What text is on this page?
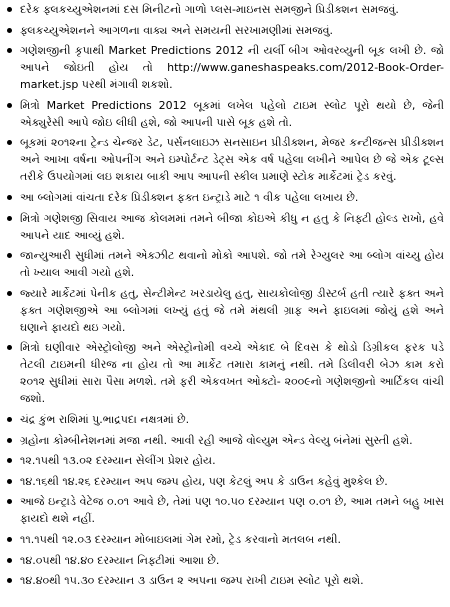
દરેક ફ્લકચ્યુએશનમાં દસ મિનીટનો ગાળો પ્લસ-માઇનસ સમજીને પ્રિડીક્શન સમજવું.
ફ્લકચ્યુએશનને આગળના વાક્ય અને સમયની સરખામણીમાં સમજવું.
ગણેશજીની કૃપાથી Market Predictions 2012 ની યર્લી બીગ ઓવરવ્યુની બૂક લખી છે. જો આપને જોઇતી હોય તો http://www.ganeshaspeaks.com/2012-Book-Order-market.jsp પરથી મંગાવી શકશો.
મિત્રો Market Predictions 2012 બૂકમાં લખેલ પહેલો ટાઇમ સ્લોટ પૂરો થયો છે, જેની એક્યુરેસી આપે જોઇ લીધી હશે, જો આપની પાસે બૂક હશે તો.
બૂકમાં ૨૦૧૨ના ટ્રેન્ડ ચેન્જર ડેટ, પર્સનલાઇઝ સનસાઇન પ્રીડીક્શન, મેજર કન્ટીજન્સ પ્રીડીક્શન અને આખા વર્ષના ઓપનીંગ અને ઇમ્પોર્ટન્ટ ડેટ્સ એક વર્ષ પહેલા લખીને આપેલ છે જે એક ટૂલ્સ તરીકે ઉપયોગમાં લઇ શકાય બાકી આપ આપની સ્કીલ પ્રમાણે સ્ટોક માર્કેટમાં ટ્રેડ કરવું.
આ બ્લોગમાં વાંચતા દરેક પ્રિડીક્શન ફક્ત ઇન્ટ્રાડે માટે ૧ વીક પહેલા લખાય છે.
મિત્રો ગણેશજી સિવાય આજ કોલમમાં તમને બીજા કોઇએ કીધુ ન હતુ કે નિફ્ટી હોલ્ડ રાખો, હવે આપને યાદ આવ્યું હશે.
જાન્યુઆરી સુધીમાં તમને એક્ઝીટ થવાનો મોકો આપશે. જો તમે રેગ્યુલર આ બ્લોગ વાંચ્યુ હોય તો ખ્યાલ આવી ગયો હશે.
જ્યારે માર્કેટમાં પેનીક હતુ, સેન્ટીમેન્ટ ખરડાયેલુ હતુ, સાયકોલોજી ડીસ્ટર્બ હતી ત્યારે ફક્ત અને ફક્ત ગણેશજીએ આ બ્લોગમાં લખ્યું હતું જે તમે મંથલી ગ્રાફ અને ફાઇલમાં જોયું હશે અને ઘણાને ફાયદો થઇ ગયો.
મિત્રો ઘણીવાર એસ્ટ્રોલોજી અને એસ્ટ્રોનોમી વચ્ચે એકાદ બે દિવસ કે થોડો ડિગ્રીકલ ફરક પડે તેટલી ટાઇમની ધીરજ ના હોય તો આ માર્કેટ તમારા કામનું નથી. તમે ડિલીવરી બેઝ કામ કરો ૨૦૧૨ સુધીમાં સારા પૈસા મળશે. તમે ફરી એકવખત ઓક્ટો- ૨૦૦૯નો ગણેશજીનો આર્ટિકલ વાંચી જશો.
ચંદ્ર કુંભ રાશિમાં પુ.ભાદ્રપદા નક્ષત્રમાં છે.
ગ્રહોના કોમ્બીનેશનમાં મજા નથી. આવી રહી આજે વોલ્યુમ એન્ડ વેલ્યુ બંનેમાં સુસ્તી હશે.
૧૨.૧૫થી ૧૩.૦૨ દરમ્યાન સેલીંગ પ્રેશર હોય.
૧૪.૧૬થી ૧૪.૨૬ દરમ્યાન અપ જમ્પ હોય, પણ કેટલું અપ કે ડાઉન કહેવું મુશ્કેલ છે.
આજે ઇન્ટ્રાડે વેટેજ ૦.૦૧ આવે છે, તેમાં પણ ૧૦.૫૦ દરમ્યાન પણ ૦.૦૧ છે, આમ તમને બહુ ખાસ ફાયદો થશે નહીં.
૧૧.૧૫થી ૧૨.૦૩ દરમ્યાન મોબાઇલમાં ગેમ રમો, ટ્રેડ કરવાનો મતલબ નથી.
૧૪.૦૫થી ૧૪.૪૦ દરમ્યાન નિફ્ટીમાં આશા છે.
૧૪.૪૦થી ૧૫.૩૦ દરમ્યાન ૩ ડાઉન ૨ અપના જમ્પ રાખી ટાઇમ સ્લોટ પૂરો થશે.
